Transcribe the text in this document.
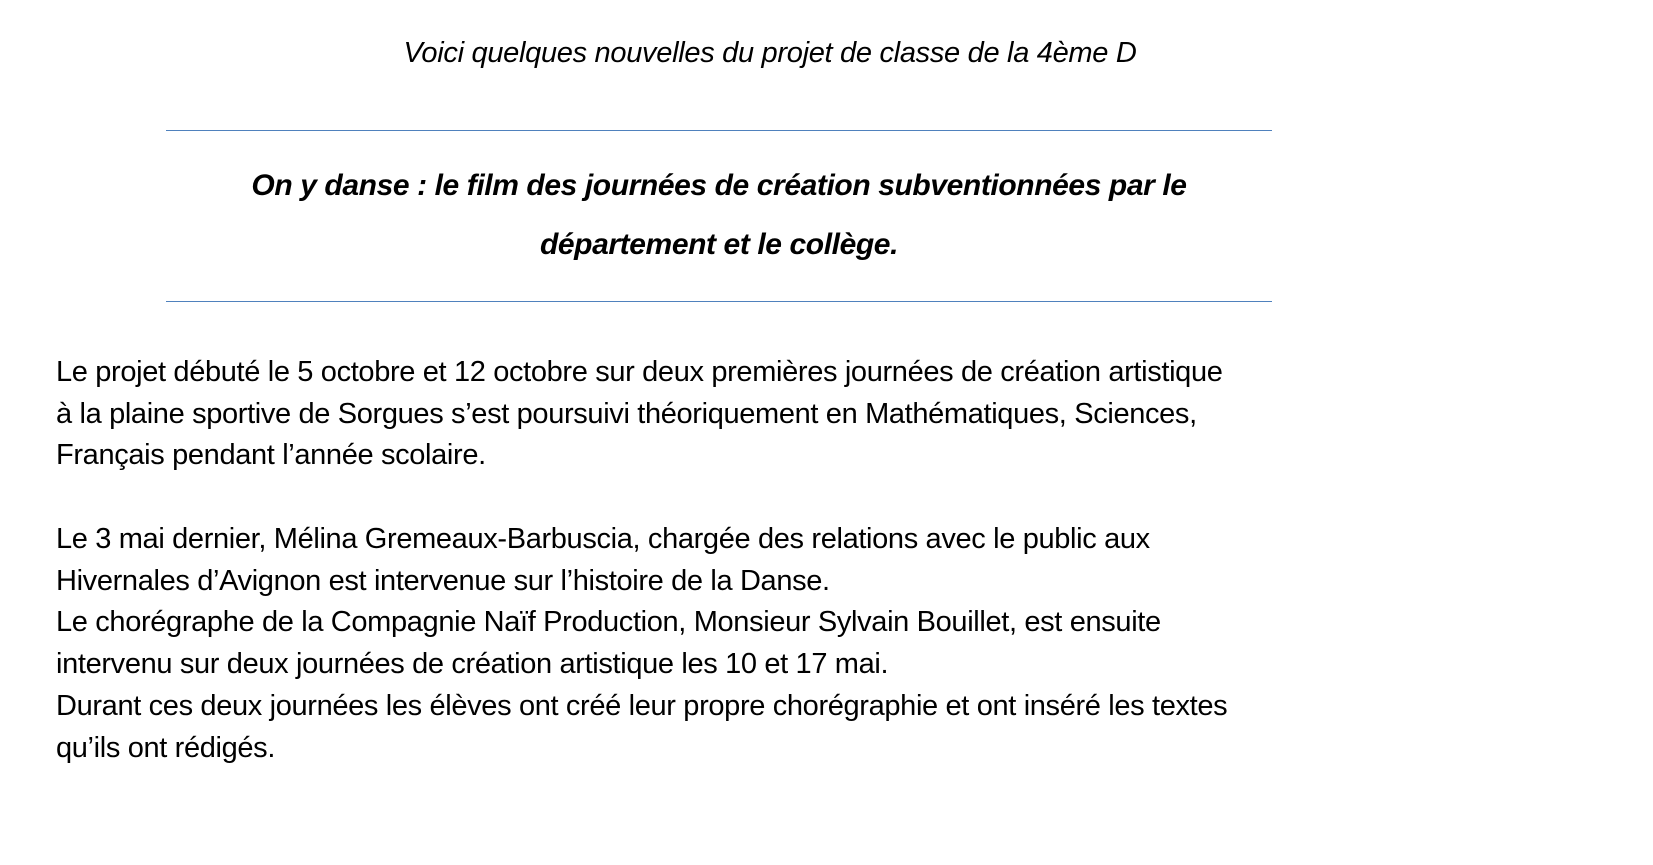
Voici quelques nouvelles du projet de classe de la 4ème D
On y danse : le film des journées de création subventionnées par le
département et le collège.
Le projet débuté le 5 octobre et 12 octobre sur deux premières journées de création artistique
à la plaine sportive de Sorgues s’est poursuivi théoriquement en Mathématiques, Sciences,
Français pendant l’année scolaire.
Le 3 mai dernier, Mélina Gremeaux-Barbuscia, chargée des relations avec le public aux
Hivernales d’Avignon est intervenue sur l’histoire de la Danse.
Le chorégraphe de la Compagnie Naïf Production, Monsieur Sylvain Bouillet, est ensuite
intervenu sur deux journées de création artistique les 10 et 17 mai.
Durant ces deux journées les élèves ont créé leur propre chorégraphie et ont inséré les textes
qu’ils ont rédigés.
